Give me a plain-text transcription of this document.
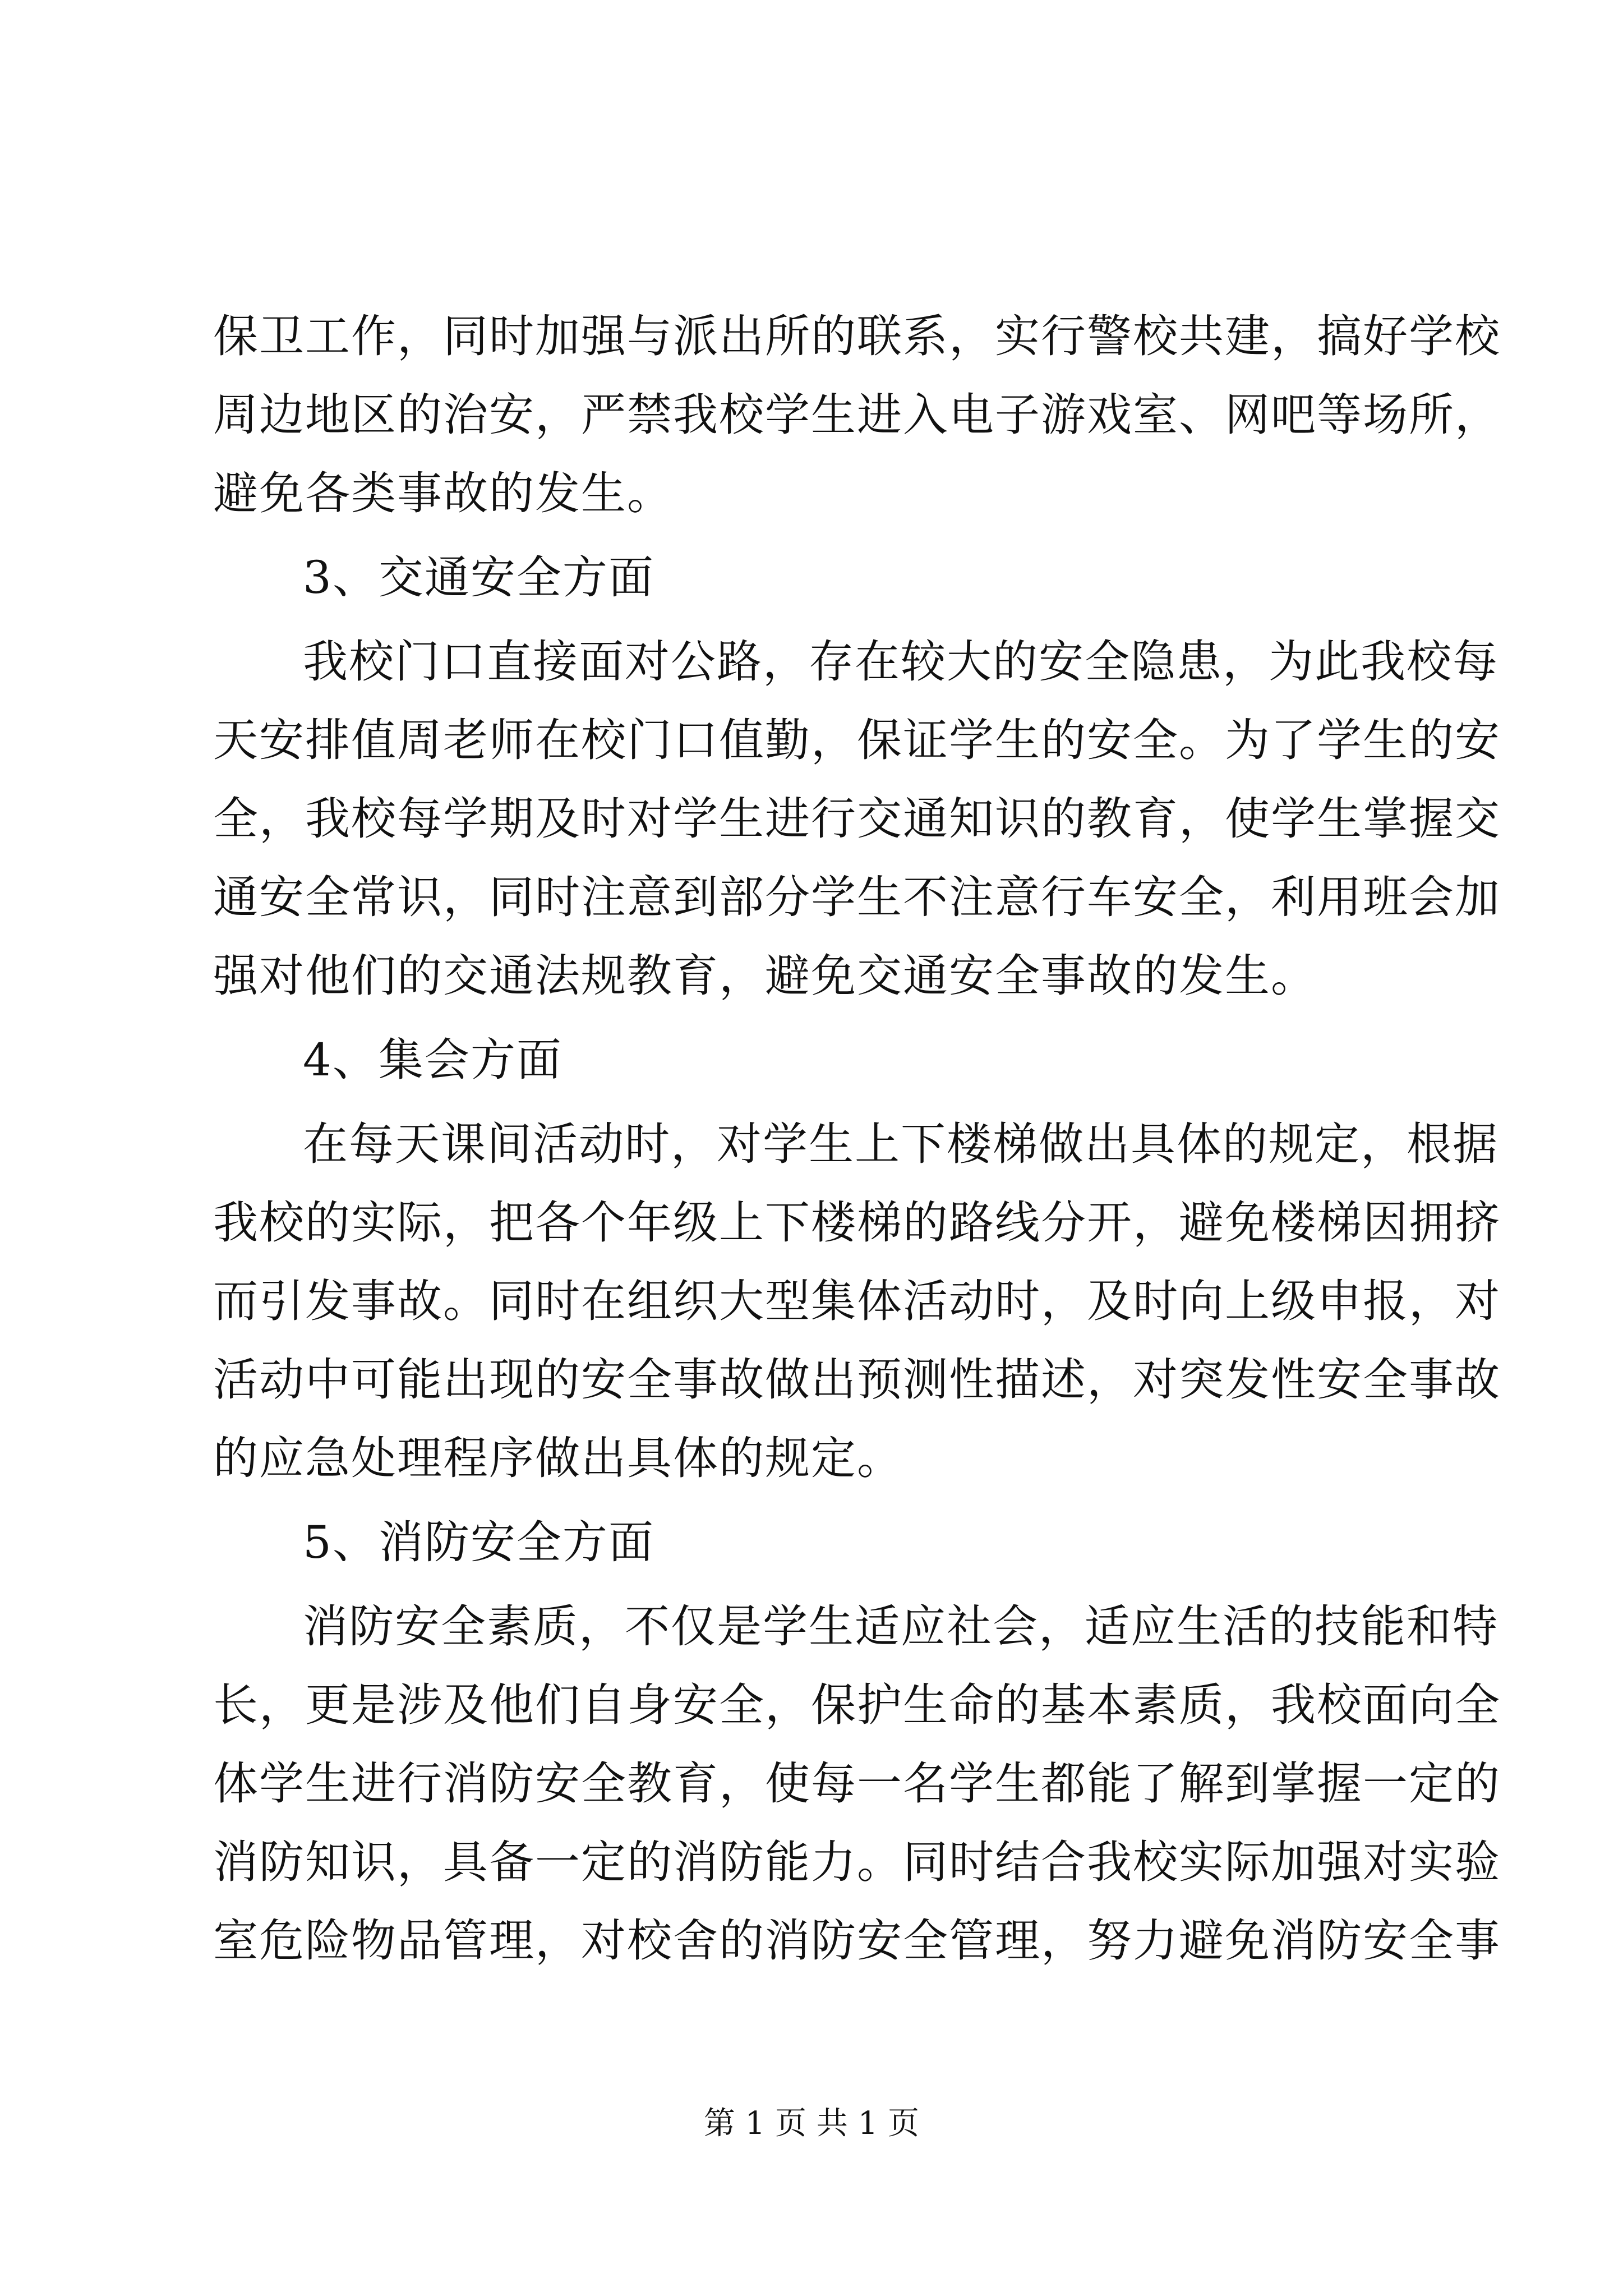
保卫工作，同时加强与派出所的联系，实行警校共建，搞好学校
周边地区的治安，严禁我校学生进入电子游戏室、网吧等场所，
避免各类事故的发生。
3、交通安全方面
我校门口直接面对公路，存在较大的安全隐患，为此我校每
天安排值周老师在校门口值勤，保证学生的安全。为了学生的安
全，我校每学期及时对学生进行交通知识的教育，使学生掌握交
通安全常识，同时注意到部分学生不注意行车安全，利用班会加
强对他们的交通法规教育，避免交通安全事故的发生。
4、集会方面
在每天课间活动时，对学生上下楼梯做出具体的规定，根据
我校的实际，把各个年级上下楼梯的路线分开，避免楼梯因拥挤
而引发事故。同时在组织大型集体活动时，及时向上级申报，对
活动中可能出现的安全事故做出预测性描述，对突发性安全事故
的应急处理程序做出具体的规定。
5、消防安全方面
消防安全素质，不仅是学生适应社会，适应生活的技能和特
长，更是涉及他们自身安全，保护生命的基本素质，我校面向全
体学生进行消防安全教育，使每一名学生都能了解到掌握一定的
消防知识，具备一定的消防能力。同时结合我校实际加强对实验
室危险物品管理，对校舍的消防安全管理，努力避免消防安全事
第 1 页 共 1 页
